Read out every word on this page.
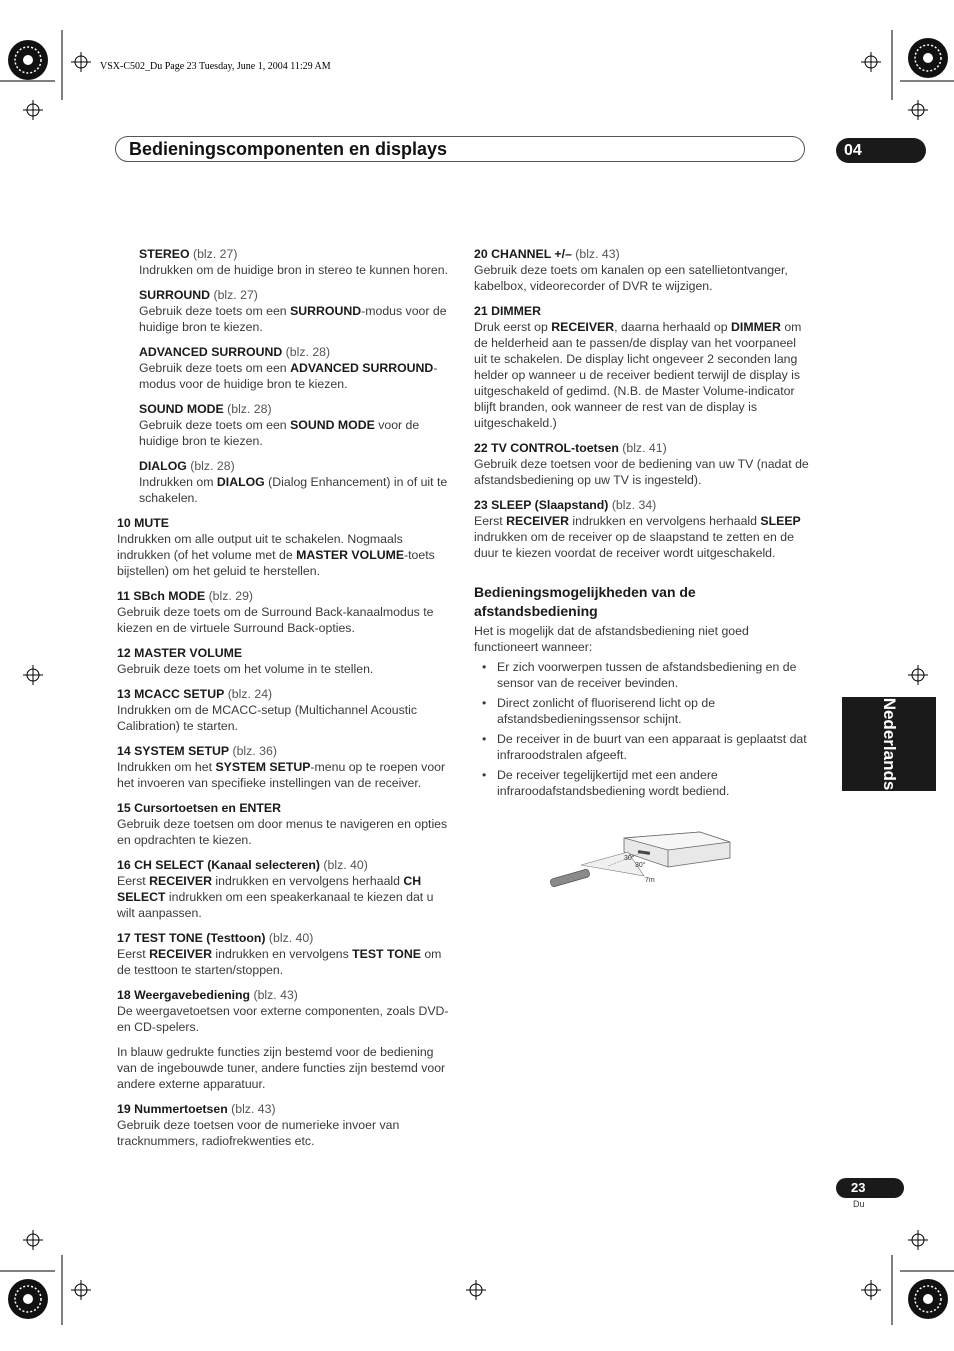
VSX-C502_Du Page 23 Tuesday, June 1, 2004 11:29 AM
Bedieningscomponenten en displays	04
Nederlands
STEREO (blz. 27)
Indrukken om de huidige bron in stereo te kunnen horen.
SURROUND (blz. 27)
Gebruik deze toets om een SURROUND-modus voor de huidige bron te kiezen.
ADVANCED SURROUND (blz. 28)
Gebruik deze toets om een ADVANCED SURROUND-modus voor de huidige bron te kiezen.
SOUND MODE (blz. 28)
Gebruik deze toets om een SOUND MODE voor de huidige bron te kiezen.
DIALOG (blz. 28)
Indrukken om DIALOG (Dialog Enhancement) in of uit te schakelen.
10 MUTE
Indrukken om alle output uit te schakelen. Nogmaals indrukken (of het volume met de MASTER VOLUME-toets bijstellen) om het geluid te herstellen.
11 SBch MODE (blz. 29)
Gebruik deze toets om de Surround Back-kanaalmodus te kiezen en de virtuele Surround Back-opties.
12 MASTER VOLUME
Gebruik deze toets om het volume in te stellen.
13 MCACC SETUP (blz. 24)
Indrukken om de MCACC-setup (Multichannel Acoustic Calibration) te starten.
14 SYSTEM SETUP (blz. 36)
Indrukken om het SYSTEM SETUP-menu op te roepen voor het invoeren van specifieke instellingen van de receiver.
15 Cursortoetsen en ENTER
Gebruik deze toetsen om door menus te navigeren en opties en opdrachten te kiezen.
16 CH SELECT (Kanaal selecteren) (blz. 40)
Eerst RECEIVER indrukken en vervolgens herhaald CH SELECT indrukken om een speakerkanaal te kiezen dat u wilt aanpassen.
17 TEST TONE (Testtoon) (blz. 40)
Eerst RECEIVER indrukken en vervolgens TEST TONE om de testtoon te starten/stoppen.
18 Weergavebediening (blz. 43)
De weergavetoetsen voor externe componenten, zoals DVD- en CD-spelers.
In blauw gedrukte functies zijn bestemd voor de bediening van de ingebouwde tuner, andere functies zijn bestemd voor andere externe apparatuur.
19 Nummertoetsen (blz. 43)
Gebruik deze toetsen voor de numerieke invoer van tracknummers, radiofrekwenties etc.
20 CHANNEL +/– (blz. 43)
Gebruik deze toets om kanalen op een satellietontvanger, kabelbox, videorecorder of DVR te wijzigen.
21 DIMMER
Druk eerst op RECEIVER, daarna herhaald op DIMMER om de helderheid aan te passen/de display van het voorpaneel uit te schakelen. De display licht ongeveer 2 seconden lang helder op wanneer u de receiver bedient terwijl de display is uitgeschakeld of gedimd. (N.B. de Master Volume-indicator blijft branden, ook wanneer de rest van de display is uitgeschakeld.)
22 TV CONTROL-toetsen (blz. 41)
Gebruik deze toetsen voor de bediening van uw TV (nadat de afstandsbediening op uw TV is ingesteld).
23 SLEEP (Slaapstand) (blz. 34)
Eerst RECEIVER indrukken en vervolgens herhaald SLEEP indrukken om de receiver op de slaapstand te zetten en de duur te kiezen voordat de receiver wordt uitgeschakeld.
Bedieningsmogelijkheden van de afstandsbediening
Het is mogelijk dat de afstandsbediening niet goed functioneert wanneer:
• Er zich voorwerpen tussen de afstandsbediening en de sensor van de receiver bevinden.
• Direct zonlicht of fluoriserend licht op de afstandsbedieningssensor schijnt.
• De receiver in de buurt van een apparaat is geplaatst dat infraroodstralen afgeeft.
• De receiver tegelijkertijd met een andere infraroodafstandsbediening wordt bediend.
30°
30°
7m
23
Du
